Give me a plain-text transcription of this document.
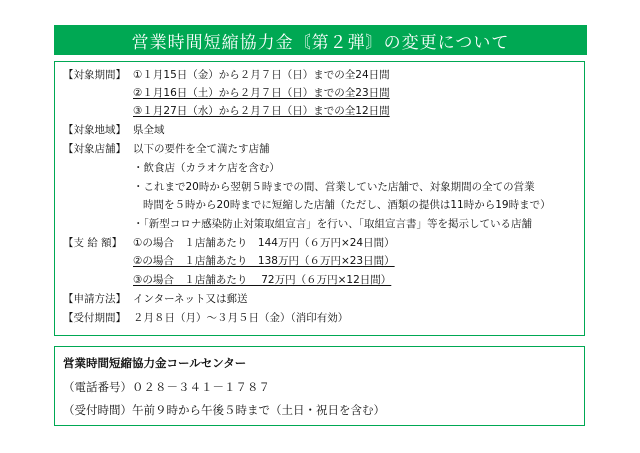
営業時間短縮協力金〘第２弾〙の変更について
【対象期間】 ①１月15日（金）から２月７日（日）までの全24日間
②１月16日（土）から２月７日（日）までの全23日間
③１月27日（水）から２月７日（日）までの全12日間
【対象地域】 県全域
【対象店舗】 以下の要件を全て満たす店舗
・飲食店（カラオケ店を含む）
・これまで20時から翌朝５時までの間、営業していた店舗で、対象期間の全ての営業
時間を５時から20時までに短縮した店舗（ただし、酒類の提供は11時から19時まで）
・「新型コロナ感染防止対策取組宣言」を行い、「取組宣言書」等を掲示している店舗
【支 給 額】 ①の場合　１店舗あたり　144万円（６万円×24日間）
②の場合　１店舗あたり　138万円（６万円×23日間）
③の場合　１店舗あたり　 72万円（６万円×12日間）
【申請方法】 インターネット又は郵送
【受付期間】 ２月８日（月）～３月５日（金）（消印有効）
営業時間短縮協力金コールセンター
（電話番号）０２８－３４１－１７８７
（受付時間）午前９時から午後５時まで（土日・祝日を含む）
